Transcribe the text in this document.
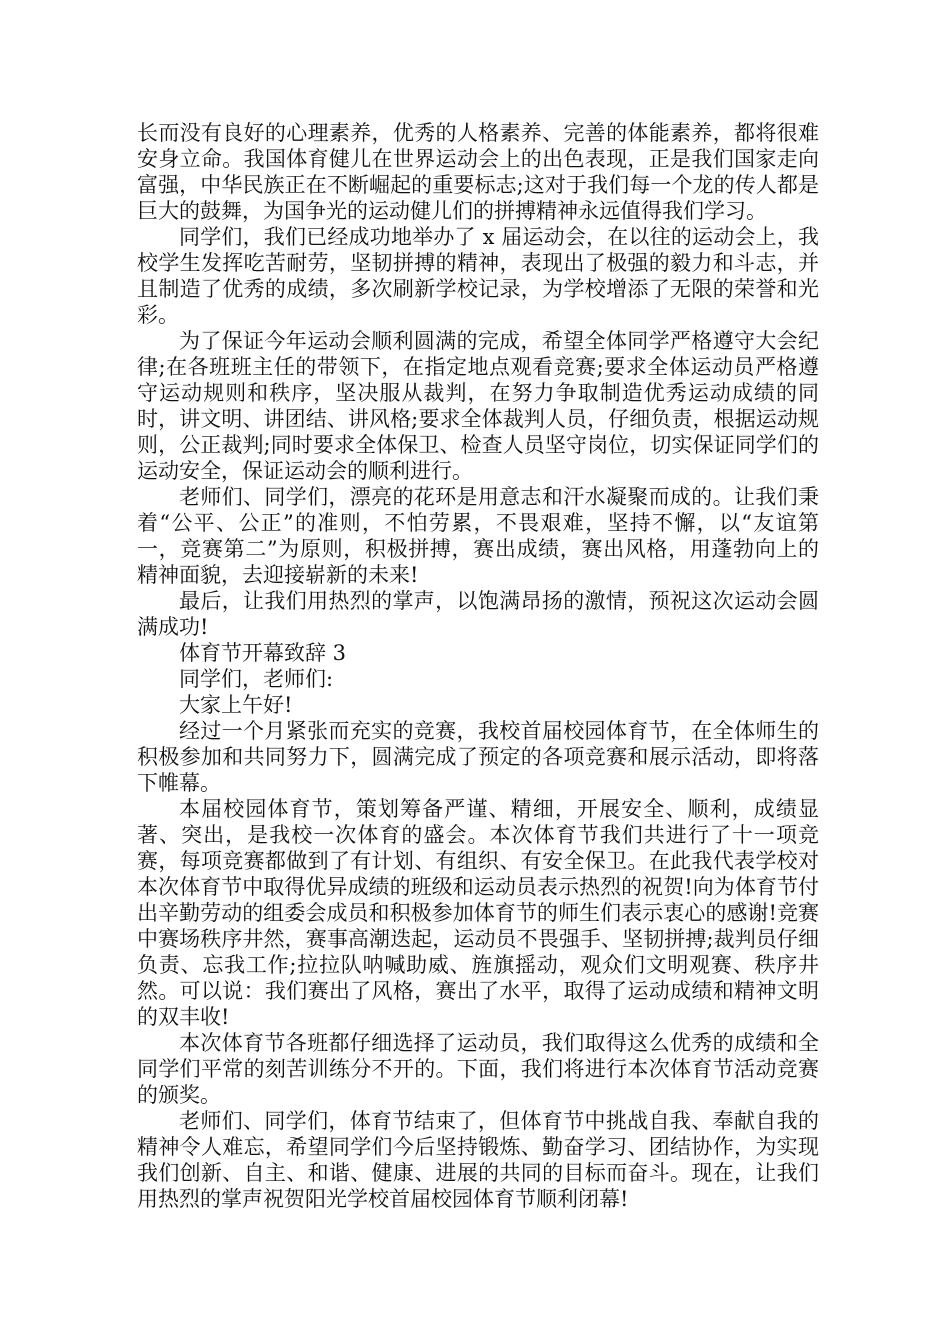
长而没有良好的心理素养，优秀的人格素养、完善的体能素养，都将很难安身立命。我国体育健儿在世界运动会上的出色表现，正是我们国家走向富强，中华民族正在不断崛起的重要标志;这对于我们每一个龙的传人都是巨大的鼓舞，为国争光的运动健儿们的拼搏精神永远值得我们学习。

同学们，我们已经成功地举办了 x 届运动会，在以往的运动会上，我校学生发挥吃苦耐劳，坚韧拼搏的精神，表现出了极强的毅力和斗志，并且制造了优秀的成绩，多次刷新学校记录，为学校增添了无限的荣誉和光彩。

为了保证今年运动会顺利圆满的完成，希望全体同学严格遵守大会纪律;在各班班主任的带领下，在指定地点观看竞赛;要求全体运动员严格遵守运动规则和秩序，坚决服从裁判，在努力争取制造优秀运动成绩的同时，讲文明、讲团结、讲风格;要求全体裁判人员，仔细负责，根据运动规则，公正裁判;同时要求全体保卫、检查人员坚守岗位，切实保证同学们的运动安全，保证运动会的顺利进行。

老师们、同学们，漂亮的花环是用意志和汗水凝聚而成的。让我们秉着“公平、公正”的准则，不怕劳累，不畏艰难，坚持不懈，以“友谊第一，竞赛第二”为原则，积极拼搏，赛出成绩，赛出风格，用蓬勃向上的精神面貌，去迎接崭新的未来!

最后，让我们用热烈的掌声，以饱满昂扬的激情，预祝这次运动会圆满成功!

体育节开幕致辞 3

同学们，老师们:

大家上午好!

经过一个月紧张而充实的竞赛，我校首届校园体育节，在全体师生的积极参加和共同努力下，圆满完成了预定的各项竞赛和展示活动，即将落下帷幕。

本届校园体育节，策划筹备严谨、精细，开展安全、顺利，成绩显著、突出，是我校一次体育的盛会。本次体育节我们共进行了十一项竞赛，每项竞赛都做到了有计划、有组织、有安全保卫。在此我代表学校对本次体育节中取得优异成绩的班级和运动员表示热烈的祝贺!向为体育节付出辛勤劳动的组委会成员和积极参加体育节的师生们表示衷心的感谢!竞赛中赛场秩序井然，赛事高潮迭起，运动员不畏强手、坚韧拼搏;裁判员仔细负责、忘我工作;拉拉队呐喊助威、旌旗摇动，观众们文明观赛、秩序井然。可以说：我们赛出了风格，赛出了水平，取得了运动成绩和精神文明的双丰收!

本次体育节各班都仔细选择了运动员，我们取得这么优秀的成绩和全同学们平常的刻苦训练分不开的。下面，我们将进行本次体育节活动竞赛的颁奖。

老师们、同学们，体育节结束了，但体育节中挑战自我、奉献自我的精神令人难忘，希望同学们今后坚持锻炼、勤奋学习、团结协作，为实现我们创新、自主、和谐、健康、进展的共同的目标而奋斗。现在，让我们用热烈的掌声祝贺阳光学校首届校园体育节顺利闭幕!
